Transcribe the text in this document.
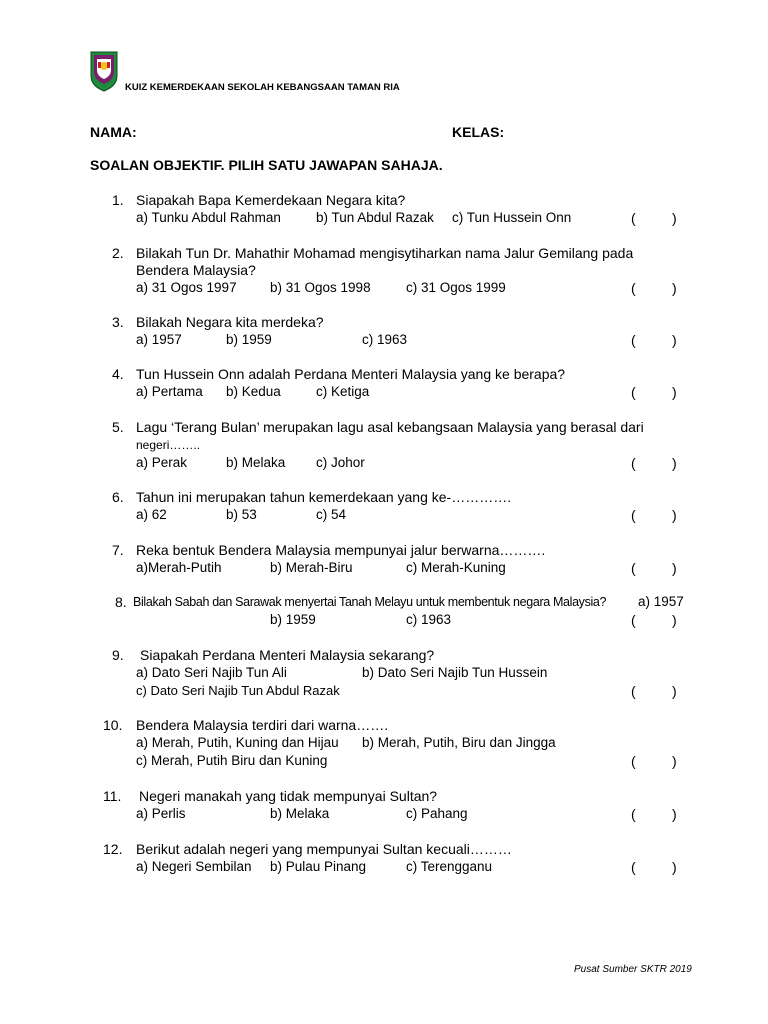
KUIZ KEMERDEKAAN SEKOLAH KEBANGSAAN TAMAN RIA
NAMA:	KELAS:
SOALAN OBJEKTIF. PILIH SATU JAWAPAN SAHAJA.
1. Siapakah Bapa Kemerdekaan Negara kita?
a) Tunku Abdul Rahman	b) Tun Abdul Razak c) Tun Hussein Onn	(	)
2. Bilakah Tun Dr. Mahathir Mohamad mengisytiharkan nama Jalur Gemilang pada
Bendera Malaysia?
a) 31 Ogos 1997 b) 31 Ogos 1998	c) 31 Ogos 1999	(	)
3. Bilakah Negara kita merdeka?
a) 1957	b) 1959	c) 1963	(	)
4. Tun Hussein Onn adalah Perdana Menteri Malaysia yang ke berapa?
a) Pertama b) Kedua	c) Ketiga	(	)
5. Lagu ‘Terang Bulan’ merupakan lagu asal kebangsaan Malaysia yang berasal dari
negeri……..
a) Perak	b) Melaka c) Johor	(	)
6. Tahun ini merupakan tahun kemerdekaan yang ke-………….
a) 62	b) 53	c) 54	(	)
7. Reka bentuk Bendera Malaysia mempunyai jalur berwarna……….
a)Merah-Putih	b) Merah-Biru	c) Merah-Kuning	(	)
8. Bilakah Sabah dan Sarawak menyertai Tanah Melayu untuk membentuk negara Malaysia? a) 1957
b) 1959	c) 1963	(	)
9. Siapakah Perdana Menteri Malaysia sekarang?
a) Dato Seri Najib Tun Ali	b) Dato Seri Najib Tun Hussein
c) Dato Seri Najib Tun Abdul Razak	(	)
10. Bendera Malaysia terdiri dari warna…….
a) Merah, Putih, Kuning dan Hijau b) Merah, Putih, Biru dan Jingga
c) Merah, Putih Biru dan Kuning	(	)
11. Negeri manakah yang tidak mempunyai Sultan?
a) Perlis	b) Melaka	c) Pahang	(	)
12. Berikut adalah negeri yang mempunyai Sultan kecuali………
a) Negeri Sembilan b) Pulau Pinang	c) Terengganu	(	)
Pusat Sumber SKTR 2019
